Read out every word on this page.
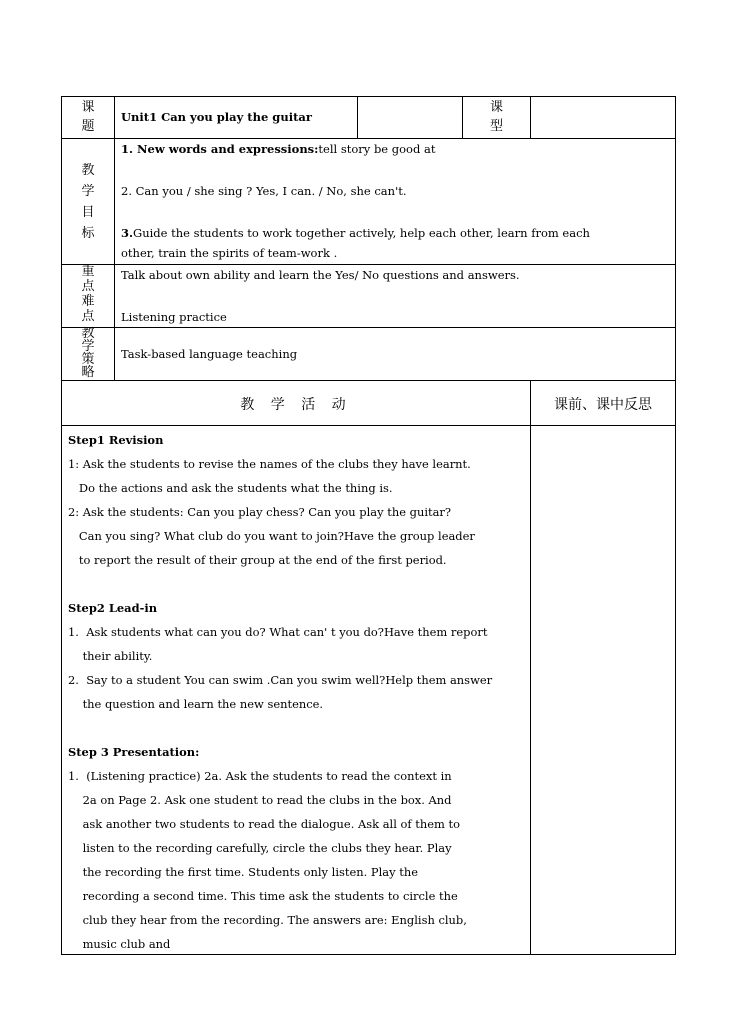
课题
Unit1 Can you play the guitar
课型
教学目标
1. New words and expressions:tell story be good at
2. Can you / she sing ? Yes, I can. / No, she can't.
3.Guide the students to work together actively, help each other, learn from each
other, train the spirits of team-work .
重点难点
Talk about own ability and learn the Yes/ No questions and answers.
Listening practice
教学策略
Task-based language teaching
教 学 活 动	课前、课中反思
Step1 Revision
1: Ask the students to revise the names of the clubs they have learnt.
Do the actions and ask the students what the thing is.
2: Ask the students: Can you play chess? Can you play the guitar?
Can you sing? What club do you want to join?Have the group leader
to report the result of their group at the end of the first period.
Step2 Lead-in
1.  Ask students what can you do? What can' t you do?Have them report
their ability.
2.  Say to a student You can swim .Can you swim well?Help them answer
the question and learn the new sentence.
Step 3 Presentation:
1.  (Listening practice) 2a. Ask the students to read the context in
2a on Page 2. Ask one student to read the clubs in the box. And
ask another two students to read the dialogue. Ask all of them to
listen to the recording carefully, circle the clubs they hear. Play
the recording the first time. Students only listen. Play the
recording a second time. This time ask the students to circle the
club they hear from the recording. The answers are: English club,
music club and
